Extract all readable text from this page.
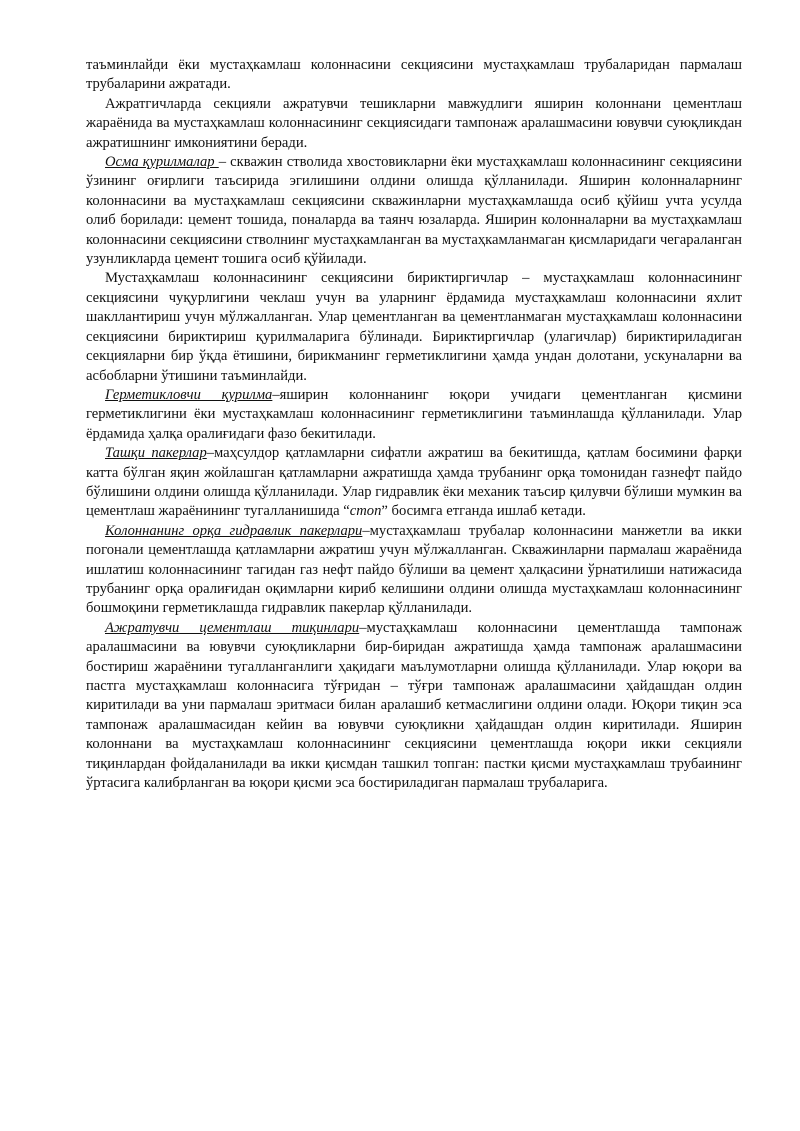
таъминлайди ёки мустаҳкамлаш колоннасини секциясини мустаҳкамлаш трубаларидан пармалаш трубаларини ажратади.

Ажратгичларда секцияли ажратувчи тешикларни мавжудлиги яширин колоннани цементлаш жараёнида ва мустаҳкамлаш колоннасининг секциясидаги тампонаж аралашмасини ювувчи суюқликдан ажратишнинг имкониятини беради.

Осма қурилмалар – скважин стволида хвостовикларни ёки мустаҳкамлаш колоннасининг секциясини ўзининг оғирлиги таъсирида эгилишини олдини олишда қўлланилади. Яширин колонналарнинг колоннасини ва мустаҳкамлаш секциясини скважинларни мустаҳкамлашда осиб қўйиш учта усулда олиб борилади: цемент тошида, поналарда ва таянч юзаларда. Яширин колонналарни ва мустаҳкамлаш колоннасини секциясини стволнинг мустаҳкамланган ва мустаҳкамланмаган қисмларидаги чегараланган узунликларда цемент тошига осиб қўйилади.

Мустаҳкамлаш колоннасининг секциясини бириктиргичлар – мустаҳкамлаш колоннасининг секциясини чуқурлигини чеклаш учун ва уларнинг ёрдамида мустаҳкамлаш колоннасини яхлит шакллантириш учун мўлжалланган. Улар цементланган ва цементланмаган мустаҳкамлаш колоннасини секциясини бириктириш қурилмаларига бўлинади. Бириктиргичлар (улагичлар) бириктириладиган секцияларни бир ўқда ётишини, бирикманинг герметиклигини ҳамда ундан долотани, ускуналарни ва асбобларни ўтишини таъминлайди.

Герметикловчи қурилма–яширин колоннанинг юқори учидаги цементланган қисмини герметиклигини ёки мустаҳкамлаш колоннасининг герметиклигини таъминлашда қўлланилади. Улар ёрдамида ҳалқа оралиғидаги фазо бекитилади.

Ташқи пакерлар–маҳсулдор қатламларни сифатли ажратиш ва бекитишда, қатлам босимини фарқи катта бўлган яқин жойлашган қатламларни ажратишда ҳамда трубанинг орқа томонидан газнефт пайдо бўлишини олдини олишда қўлланилади. Улар гидравлик ёки механик таъсир қилувчи бўлиши мумкин ва цементлаш жараёнининг тугалланишида “стоп” босимга етганда ишлаб кетади.

Колоннанинг орқа гидравлик пакерлари–мустаҳкамлаш трубалар колоннасини манжетли ва икки погонали цементлашда қатламларни ажратиш учун мўлжалланган. Скважинларни пармалаш жараёнида ишлатиш колоннасининг тагидан газ нефт пайдо бўлиши ва цемент ҳалқасини ўрнатилиши натижасида трубанинг орқа оралиғидан оқимларни кириб келишини олдини олишда мустаҳкамлаш колоннасининг бошмоқини герметиклашда гидравлик пакерлар қўлланилади.

Ажратувчи цементлаш тиқинлари–мустаҳкамлаш колоннасини цементлашда тампонаж аралашмасини ва ювувчи суюқликларни бир-биридан ажратишда ҳамда тампонаж аралашмасини бостириш жараёнини тугалланганлиги ҳақидаги маълумотларни олишда қўлланилади. Улар юқори ва пастга мустаҳкамлаш колоннасига тўғридан – тўғри тампонаж аралашмасини ҳайдашдан олдин киритилади ва уни пармалаш эритмаси билан аралашиб кетмаслигини олдини олади. Юқори тиқин эса тампонаж аралашмасидан кейин ва ювувчи суюқликни ҳайдашдан олдин киритилади. Яширин колоннани ва мустаҳкамлаш колоннасининг секциясини цементлашда юқори икки секцияли тиқинлардан фойдаланилади ва икки қисмдан ташкил топган: пастки қисми мустаҳкамлаш трубаининг ўртасига калибрланган ва юқори қисми эса бостириладиган пармалаш трубаларига.
